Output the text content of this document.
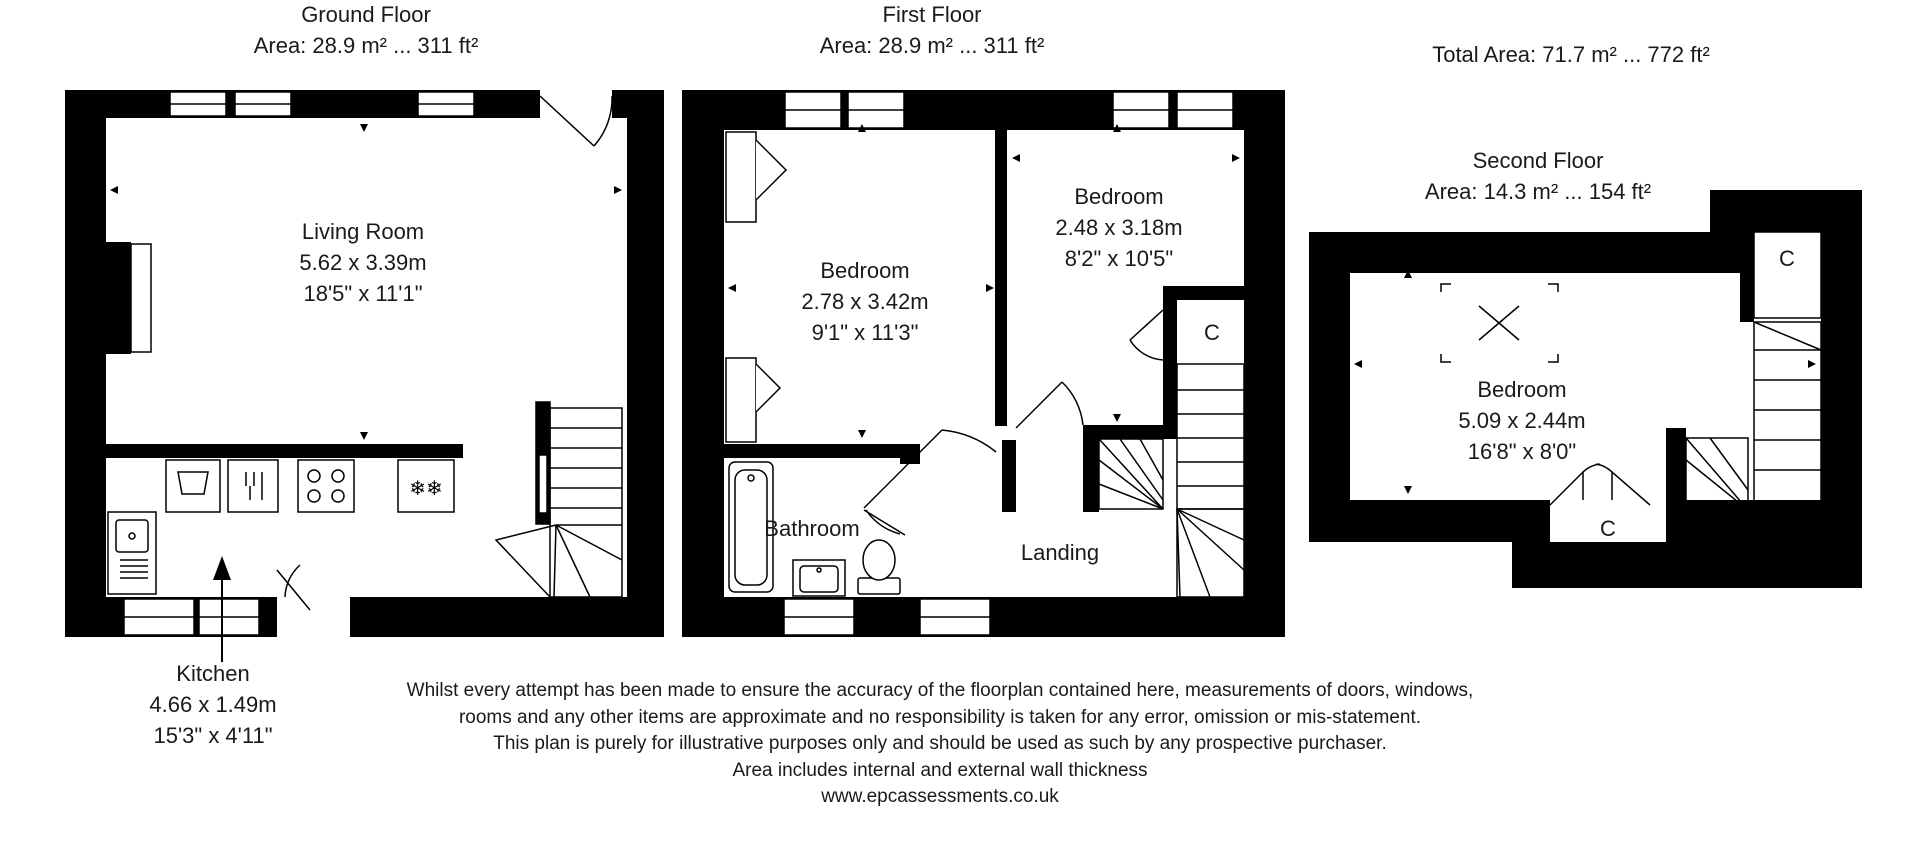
❄❄
Ground Floor
Area: 28.9 m² ... 311 ft²
First Floor
Area: 28.9 m² ... 311 ft²	Total Area: 71.7 m² ... 772 ft²
Second Floor
Area: 14.3 m² ... 154 ft²
Living Room
5.62 x 3.39m
18'5" x 11'1"
Kitchen
4.66 x 1.49m
15'3" x 4'11"
Bedroom
2.78 x 3.42m
9'1" x 11'3"
Bedroom
2.48 x 3.18m
8'2" x 10'5"
Bathroom
Landing
Bedroom
5.09 x 2.44m
16'8" x 8'0"
C
C
C
Whilst every attempt has been made to ensure the accuracy of the floorplan contained here, measurements of doors, windows,
rooms and any other items are approximate and no responsibility is taken for any error, omission or mis-statement.
This plan is purely for illustrative purposes only and should be used as such by any prospective purchaser.
Area includes internal and external wall thickness
www.epcassessments.co.uk
